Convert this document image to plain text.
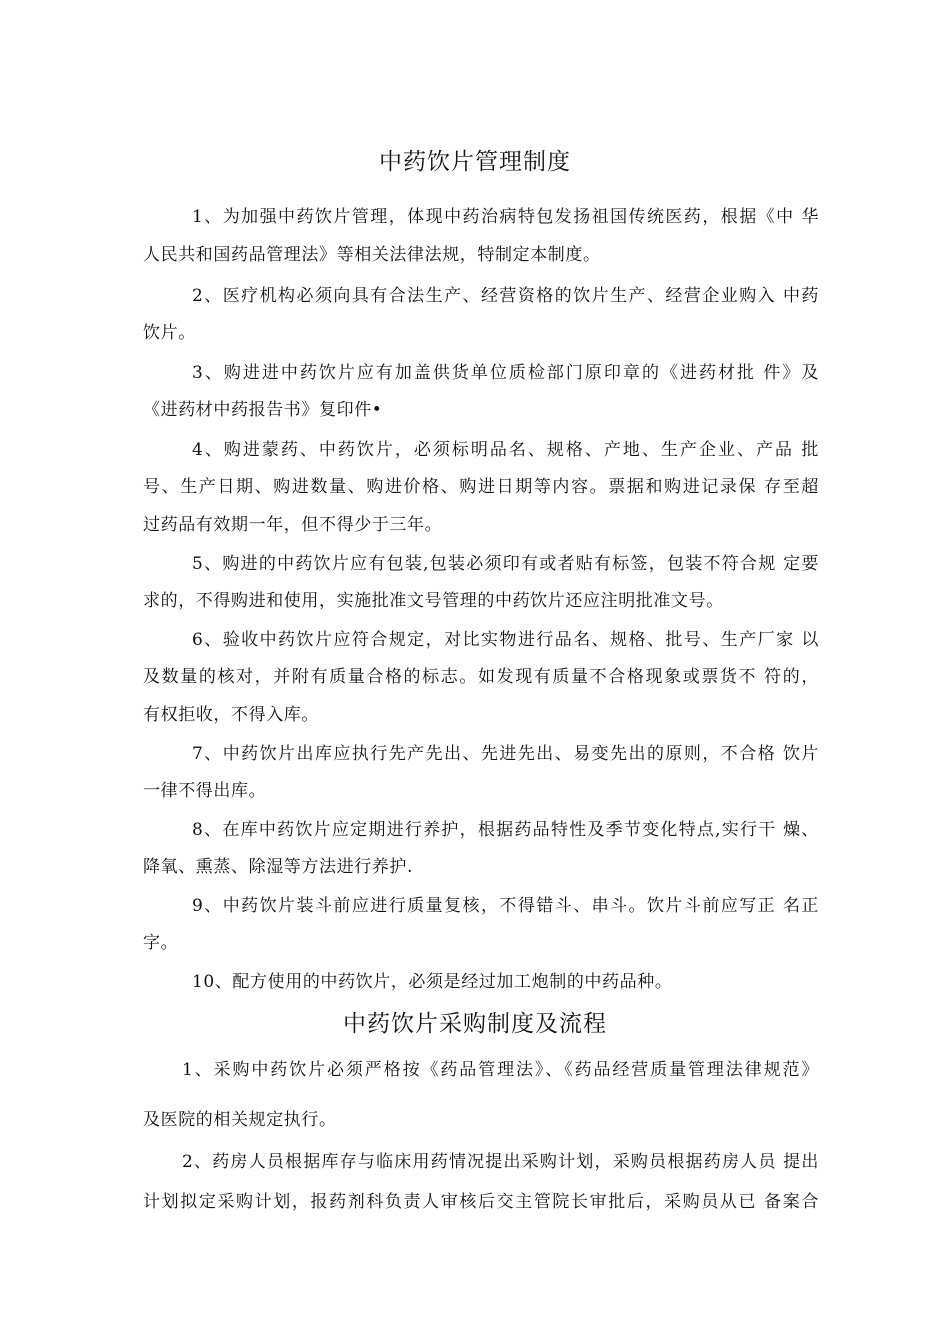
中药饮片管理制度
1、为加强中药饮片管理，体现中药治病特包发扬祖国传统医药，根据《中 华
人民共和国药品管理法》等相关法律法规，特制定本制度。
2、医疗机构必须向具有合法生产、经营资格的饮片生产、经营企业购入 中药
饮片。
3、购进进中药饮片应有加盖供货单位质检部门原印章的《进药材批 件》及
《进药材中药报告书》复印件•
4、购进蒙药、中药饮片，必须标明品名、规格、产地、生产企业、产品 批
号、生产日期、购进数量、购进价格、购进日期等内容。票据和购进记录保 存至超
过药品有效期一年，但不得少于三年。
5、购进的中药饮片应有包装,包装必须印有或者贴有标签，包装不符合规 定要
求的，不得购进和使用，实施批准文号管理的中药饮片还应注明批准文号。
6、验收中药饮片应符合规定，对比实物进行品名、规格、批号、生产厂家 以
及数量的核对，并附有质量合格的标志。如发现有质量不合格现象或票货不 符的，
有权拒收，不得入库。
7、中药饮片出库应执行先产先出、先进先出、易变先出的原则，不合格 饮片
一律不得出库。
8、在库中药饮片应定期进行养护，根据药品特性及季节变化特点,实行干 燥、
降氧、熏蒸、除湿等方法进行养护.
9、中药饮片装斗前应进行质量复核，不得错斗、串斗。饮片斗前应写正 名正
字。
10、配方使用的中药饮片，必须是经过加工炮制的中药品种。
中药饮片采购制度及流程
1、采购中药饮片必须严格按《药品管理法》、《药品经营质量管理法律规范》
及医院的相关规定执行。
2、药房人员根据库存与临床用药情况提出采购计划，采购员根据药房人员 提出
计划拟定采购计划，报药剂科负责人审核后交主管院长审批后，采购员从已 备案合
